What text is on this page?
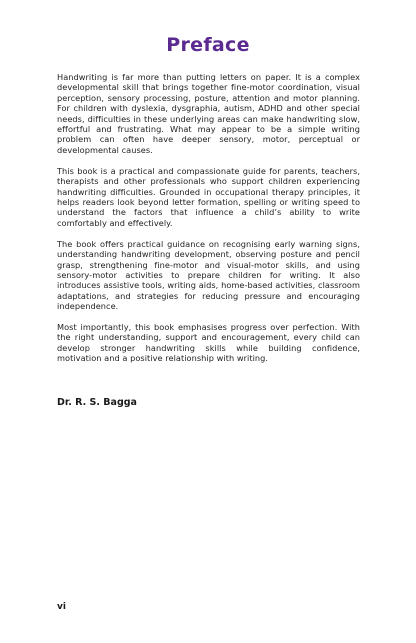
Preface

Handwriting is far more than putting letters on paper. It is a complex developmental skill that brings together fine-motor coordination, visual perception, sensory processing, posture, attention and motor planning. For children with dyslexia, dysgraphia, autism, ADHD and other special needs, difficulties in these underlying areas can make handwriting slow, effortful and frustrating. What may appear to be a simple writing problem can often have deeper sensory, motor, perceptual or developmental causes.

This book is a practical and compassionate guide for parents, teachers, therapists and other professionals who support children experiencing handwriting difficulties. Grounded in occupational therapy principles, it helps readers look beyond letter formation, spelling or writing speed to understand the factors that influence a child’s ability to write comfortably and effectively.

The book offers practical guidance on recognising early warning signs, understanding handwriting development, observing posture and pencil grasp, strengthening fine-motor and visual-motor skills, and using sensory-motor activities to prepare children for writing. It also introduces assistive tools, writing aids, home-based activities, classroom adaptations, and strategies for reducing pressure and encouraging independence.

Most importantly, this book emphasises progress over perfection. With the right understanding, support and encouragement, every child can develop stronger handwriting skills while building confidence, motivation and a positive relationship with writing.

Dr. R. S. Bagga

vi
